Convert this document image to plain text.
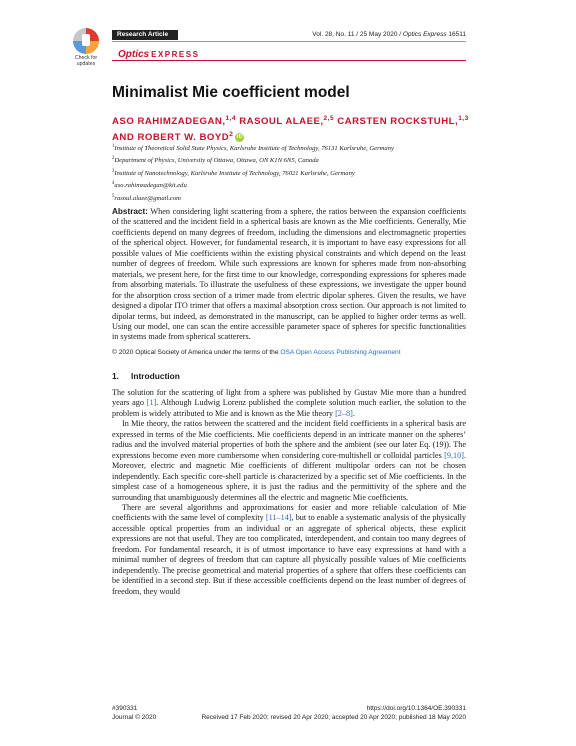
Check for
updates
Research Article	Vol. 28, No. 11 / 25 May 2020 / Optics Express 16511
Optics EXPRESS
Minimalist Mie coefficient model
ASO RAHIMZADEGAN,$^{1,4}$ RASOUL ALAEE,$^{2,5}$ CARSTEN ROCKSTUHL,$^{1,3}$ AND ROBERT W. BOYD$^2$ iD
$^1$Institute of Theoretical Solid State Physics, Karlsruhe Institute of Technology, 76131 Karlsruhe, Germany
$^2$Department of Physics, University of Ottawa, Ottawa, ON K1N 6N5, Canada
$^3$Institute of Nanotechnology, Karlsruhe Institute of Technology, 76021 Karlsruhe, Germany
$^4$aso.rahimzadegan@kit.edu
$^5$rasoul.alaee@gmail.com
Abstract: When considering light scattering from a sphere, the ratios between the expansion coefficients of the scattered and the incident field in a spherical basis are known as the Mie coefficients. Generally, Mie coefficients depend on many degrees of freedom, including the dimensions and electromagnetic properties of the spherical object. However, for fundamental research, it is important to have easy expressions for all possible values of Mie coefficients within the existing physical constraints and which depend on the least number of degrees of freedom. While such expressions are known for spheres made from non-absorbing materials, we present here, for the first time to our knowledge, corresponding expressions for spheres made from absorbing materials. To illustrate the usefulness of these expressions, we investigate the upper bound for the absorption cross section of a trimer made from electric dipolar spheres. Given the results, we have designed a dipolar ITO trimer that offers a maximal absorption cross section. Our approach is not limited to dipolar terms, but indeed, as demonstrated in the manuscript, can be applied to higher order terms as well. Using our model, one can scan the entire accessible parameter space of spheres for specific functionalities in systems made from spherical scatterers.
© 2020 Optical Society of America under the terms of the OSA Open Access Publishing Agreement
1. Introduction

The solution for the scattering of light from a sphere was published by Gustav Mie more than a hundred years ago [1]. Although Ludwig Lorenz published the complete solution much earlier, the solution to the problem is widely attributed to Mie and is known as the Mie theory [2–8].

In Mie theory, the ratios between the scattered and the incident field coefficients in a spherical basis are expressed in terms of the Mie coefficients. Mie coefficients depend in an intricate manner on the spheres’ radius and the involved material properties of both the sphere and the ambient (see our later Eq. (19)). The expressions become even more cumbersome when considering core-multishell or colloidal particles [9,10]. Moreover, electric and magnetic Mie coefficients of different multipolar orders can not be chosen independently. Each specific core-shell particle is characterized by a specific set of Mie coefficients. In the simplest case of a homogeneous sphere, it is just the radius and the permittivity of the sphere and the surrounding that unambiguously determines all the electric and magnetic Mie coefficients.

There are several algorithms and approximations for easier and more reliable calculation of Mie coefficients with the same level of complexity [11–14], but to enable a systematic analysis of the physically accessible optical properties from an individual or an aggregate of spherical objects, these explicit expressions are not that useful. They are too complicated, interdependent, and contain too many degrees of freedom. For fundamental research, it is of utmost importance to have easy expressions at hand with a minimal number of degrees of freedom that can capture all physically possible values of Mie coefficients independently. The precise geometrical and material properties of a sphere that offers these coefficients can be identified in a second step. But if these accessible coefficients depend on the least number of degrees of freedom, they would

#390331	https://doi.org/10.1364/OE.390331
Journal © 2020	Received 17 Feb 2020; revised 20 Apr 2020; accepted 20 Apr 2020; published 18 May 2020
